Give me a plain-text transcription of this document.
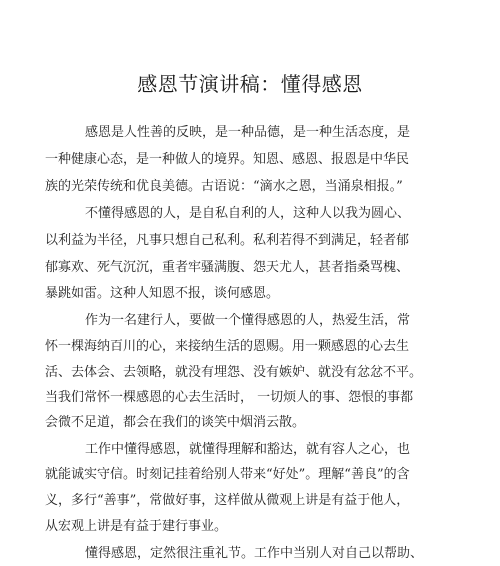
感恩节演讲稿：懂得感恩
感恩是人性善的反映，是一种品德，是一种生活态度，是
一种健康心态，是一种做人的境界。知恩、感恩、报恩是中华民
族的光荣传统和优良美德。古语说：“滴水之恩，当涌泉相报。”
不懂得感恩的人，是自私自利的人，这种人以我为圆心、
以利益为半径，凡事只想自己私利。私利若得不到满足，轻者郁
郁寡欢、死气沉沉，重者牢骚满腹、怨天尤人，甚者指桑骂槐、
暴跳如雷。这种人知恩不报，谈何感恩。
作为一名建行人，要做一个懂得感恩的人，热爱生活，常
怀一棵海纳百川的心，来接纳生活的恩赐。用一颗感恩的心去生
活、去体会、去领略，就没有埋怨、没有嫉妒、就没有忿忿不平。
当我们常怀一棵感恩的心去生活时， 一切烦人的事、怨恨的事都
会微不足道，都会在我们的谈笑中烟消云散。
工作中懂得感恩，就懂得理解和豁达，就有容人之心，也
就能诚实守信。时刻记挂着给别人带来“好处”。理解“善良”的含
义，多行“善事”，常做好事，这样做从微观上讲是有益于他人，
从宏观上讲是有益于建行事业。
懂得感恩，定然很注重礼节。工作中当别人对自己以帮助、
